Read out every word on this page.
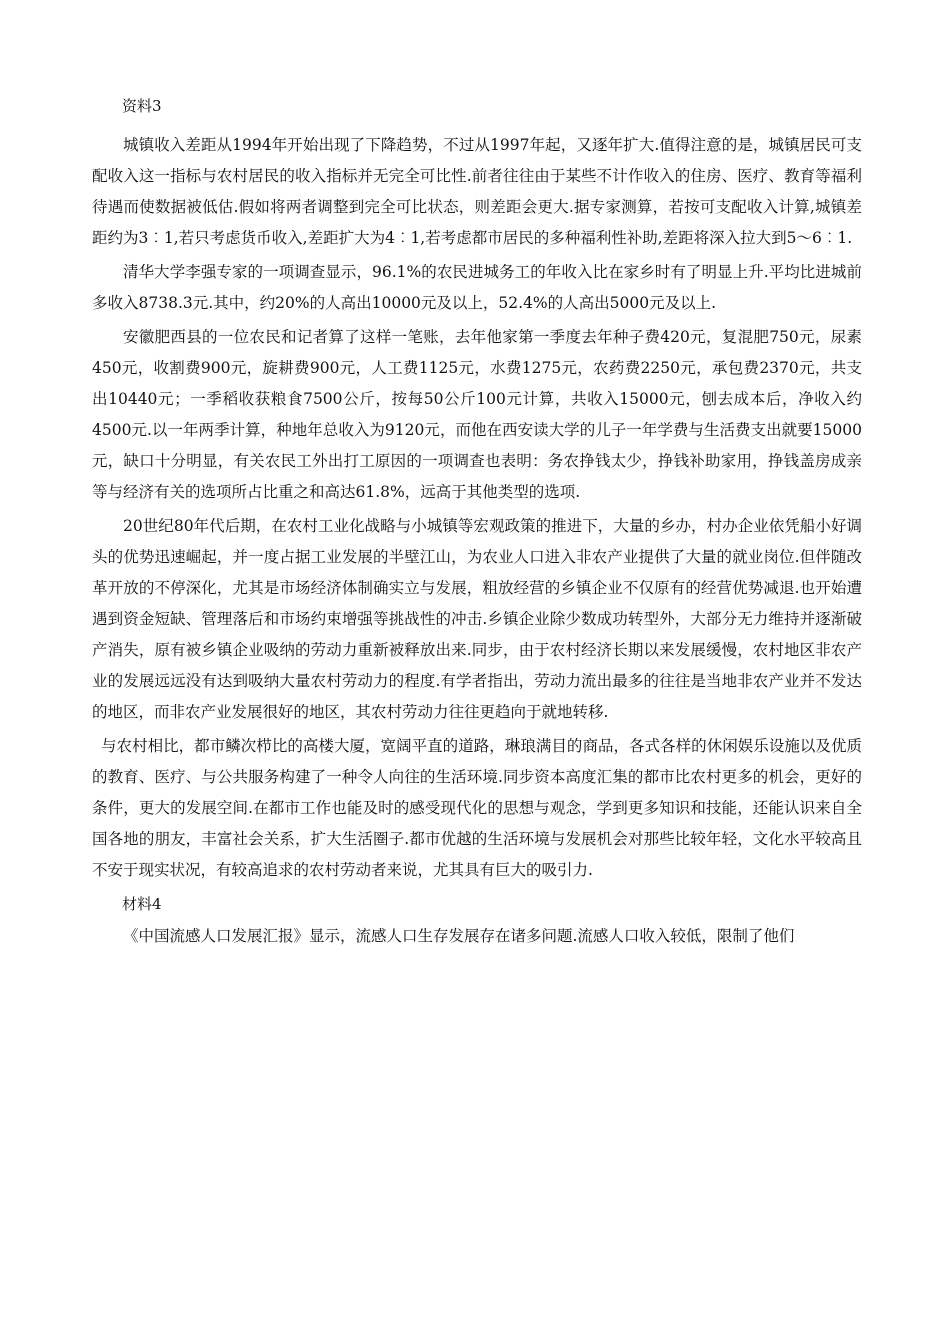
资料3

城镇收入差距从1994年开始出现了下降趋势，不过从1997年起，又逐年扩大.值得注意的是，城镇居民可支配收入这一指标与农村居民的收入指标并无完全可比性.前者往往由于某些不计作收入的住房、医疗、教育等福利待遇而使数据被低估.假如将两者调整到完全可比状态，则差距会更大.据专家测算，若按可支配收入计算,城镇差距约为3︰1,若只考虑货币收入,差距扩大为4︰1,若考虑都市居民的多种福利性补助,差距将深入拉大到5～6︰1.

清华大学李强专家的一项调查显示，96.1%的农民进城务工的年收入比在家乡时有了明显上升.平均比进城前多收入8738.3元.其中，约20%的人高出10000元及以上，52.4%的人高出5000元及以上.

安徽肥西县的一位农民和记者算了这样一笔账，去年他家第一季度去年种子费420元，复混肥750元，尿素450元，收割费900元，旋耕费900元，人工费1125元，水费1275元，农药费2250元，承包费2370元，共支出10440元；一季稻收获粮食7500公斤，按每50公斤100元计算，共收入15000元，刨去成本后，净收入约4500元.以一年两季计算，种地年总收入为9120元，而他在西安读大学的儿子一年学费与生活费支出就要15000元，缺口十分明显，有关农民工外出打工原因的一项调查也表明：务农挣钱太少，挣钱补助家用，挣钱盖房成亲等与经济有关的选项所占比重之和高达61.8%，远高于其他类型的选项.

20世纪80年代后期，在农村工业化战略与小城镇等宏观政策的推进下，大量的乡办，村办企业依凭船小好调头的优势迅速崛起，并一度占据工业发展的半壁江山，为农业人口进入非农产业提供了大量的就业岗位.但伴随改革开放的不停深化，尤其是市场经济体制确实立与发展，粗放经营的乡镇企业不仅原有的经营优势减退.也开始遭遇到资金短缺、管理落后和市场约束增强等挑战性的冲击.乡镇企业除少数成功转型外，大部分无力维持并逐渐破产消失，原有被乡镇企业吸纳的劳动力重新被释放出来.同步，由于农村经济长期以来发展缓慢，农村地区非农产业的发展远远没有达到吸纳大量农村劳动力的程度.有学者指出，劳动力流出最多的往往是当地非农产业并不发达的地区，而非农产业发展很好的地区，其农村劳动力往往更趋向于就地转移.

与农村相比，都市鳞次栉比的高楼大厦，宽阔平直的道路，琳琅满目的商品，各式各样的休闲娱乐设施以及优质的教育、医疗、与公共服务构建了一种令人向往的生活环境.同步资本高度汇集的都市比农村更多的机会，更好的条件，更大的发展空间.在都市工作也能及时的感受现代化的思想与观念，学到更多知识和技能，还能认识来自全国各地的朋友，丰富社会关系，扩大生活圈子.都市优越的生活环境与发展机会对那些比较年轻，文化水平较高且不安于现实状况，有较高追求的农村劳动者来说，尤其具有巨大的吸引力.

材料4

《中国流感人口发展汇报》显示，流感人口生存发展存在诸多问题.流感人口收入较低，限制了他们
